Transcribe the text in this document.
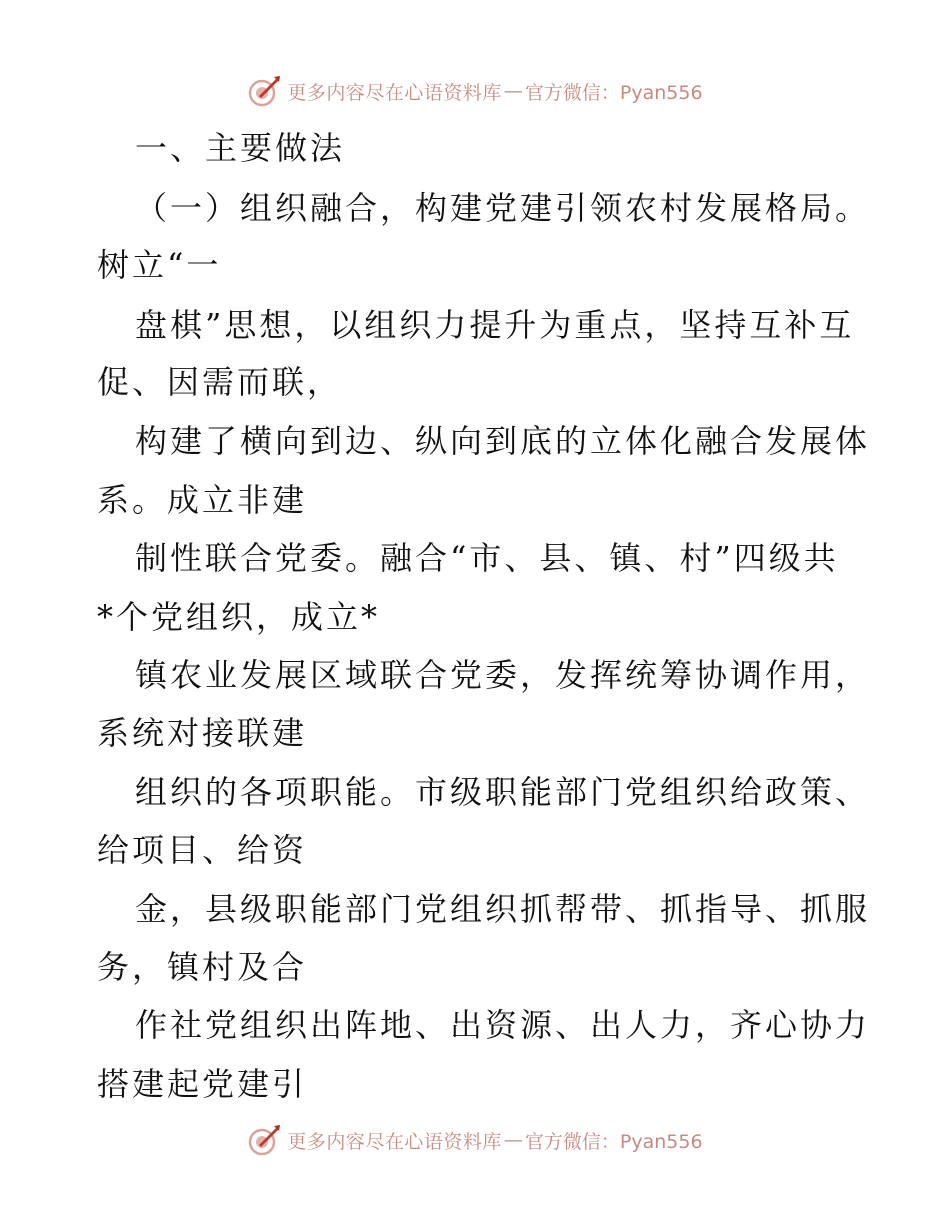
更多内容尽在心语资料库 — 官方微信：Pyan556
一、主要做法
（一）组织融合，构建党建引领农村发展格局。
树立“一
盘棋”思想，以组织力提升为重点，坚持互补互
促、因需而联，
构建了横向到边、纵向到底的立体化融合发展体
系。成立非建
制性联合党委。融合“市、县、镇、村”四级共
*个党组织，成立*
镇农业发展区域联合党委，发挥统筹协调作用，
系统对接联建
组织的各项职能。市级职能部门党组织给政策、
给项目、给资
金，县级职能部门党组织抓帮带、抓指导、抓服
务，镇村及合
作社党组织出阵地、出资源、出人力，齐心协力
搭建起党建引
更多内容尽在心语资料库 — 官方微信：Pyan556
